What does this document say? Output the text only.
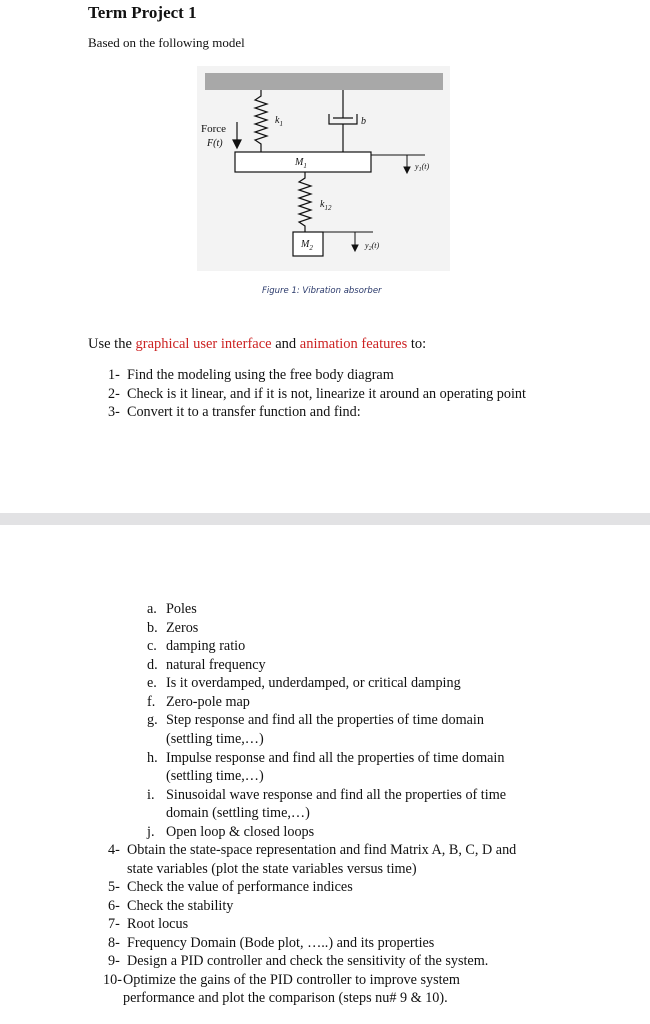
Term Project 1
Based on the following model
Force
F(t)
$k_1$	b
$M_1$	$y_1(t)$
$k_{12}$
$M_2$	$y_2(t)$
Figure 1: Vibration absorber
Use the graphical user interface and animation features to:
1- Find the modeling using the free body diagram
2- Check is it linear, and if it is not, linearize it around an operating point
3- Convert it to a transfer function and find:
a. Poles
b. Zeros
c. damping ratio
d. natural frequency
e. Is it overdamped, underdamped, or critical damping
f. Zero-pole map
g. Step response and find all the properties of time domain
(settling time,…)
h. Impulse response and find all the properties of time domain
(settling time,…)
i. Sinusoidal wave response and find all the properties of time
domain (settling time,…)
j. Open loop & closed loops
4- Obtain the state-space representation and find Matrix A, B, C, D and
state variables (plot the state variables versus time)
5- Check the value of performance indices
6- Check the stability
7- Root locus
8- Frequency Domain (Bode plot, …..) and its properties
9- Design a PID controller and check the sensitivity of the system.
10-Optimize the gains of the PID controller to improve system
performance and plot the comparison (steps nu# 9 & 10).
